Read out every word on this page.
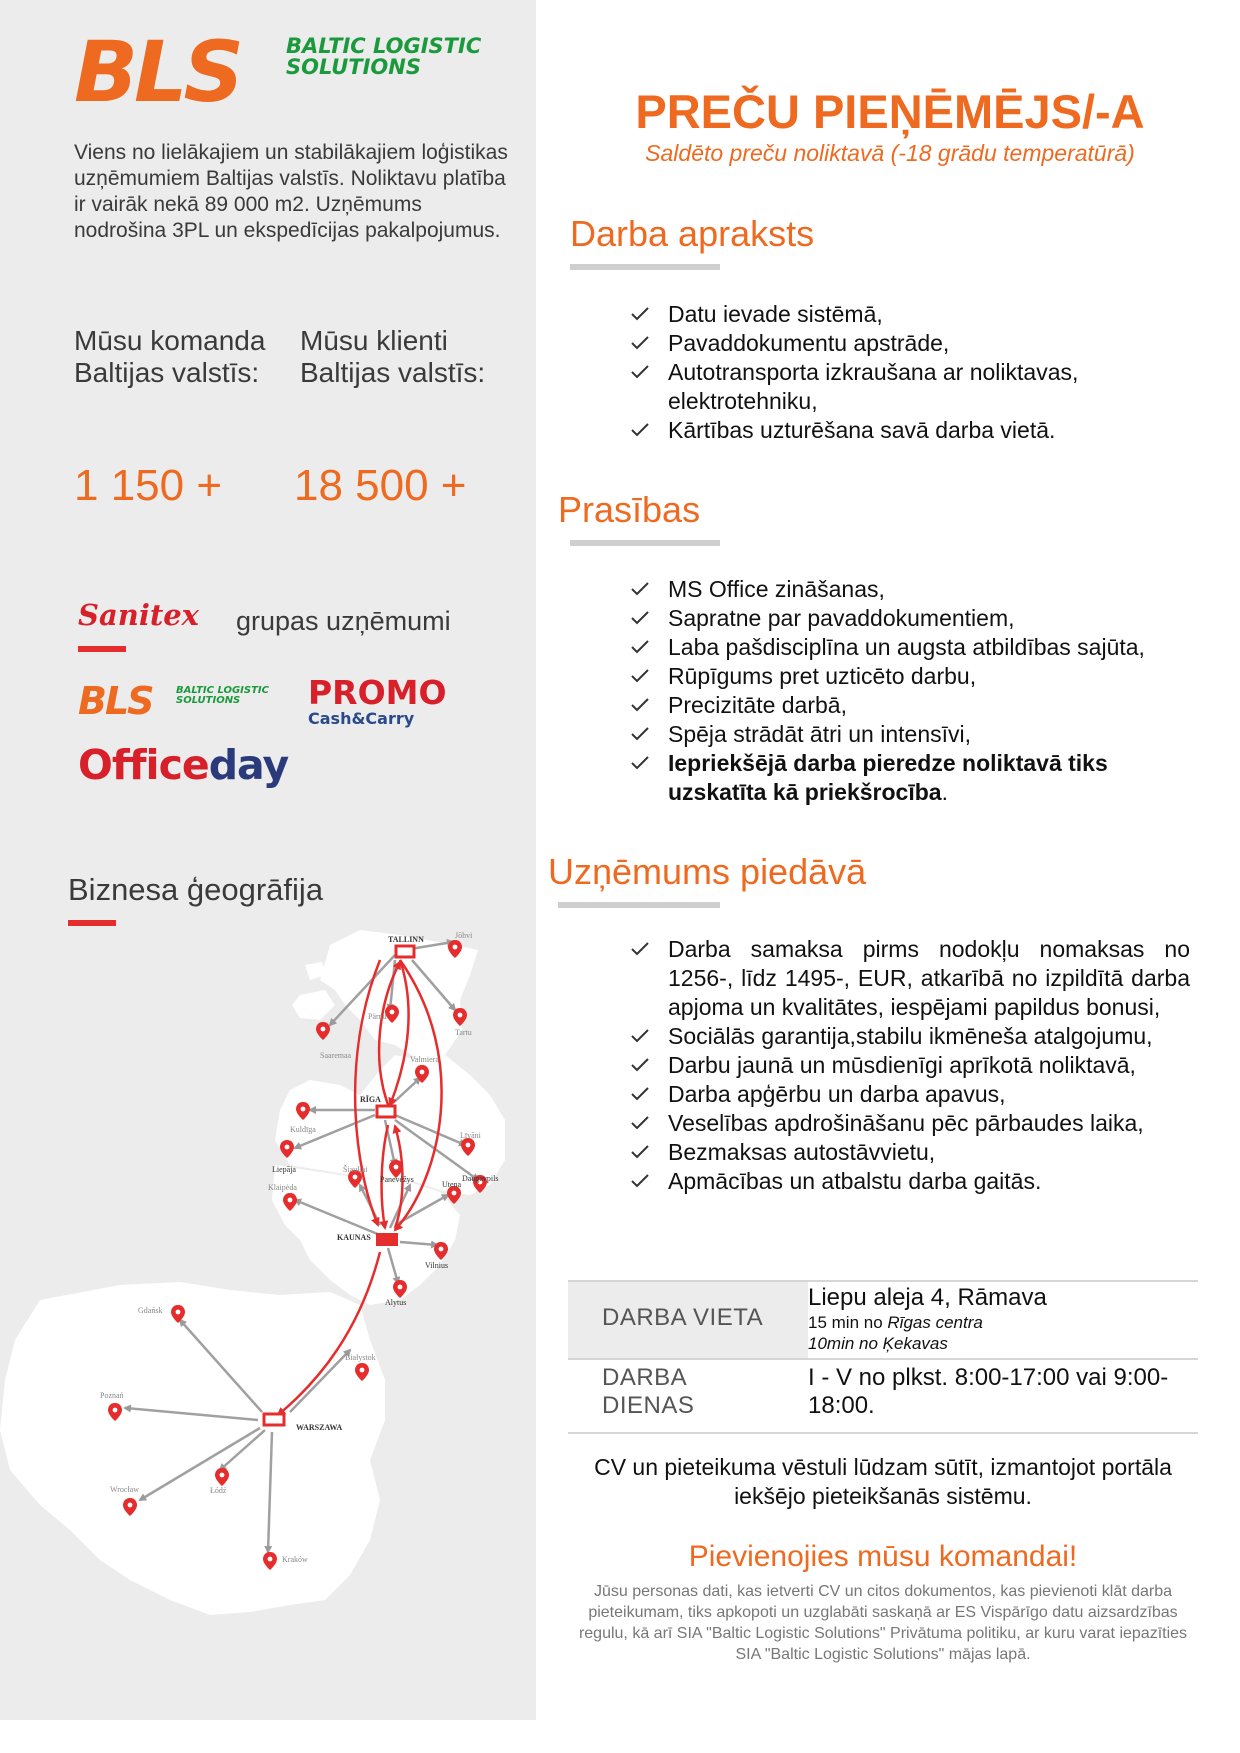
BLS BALTIC LOGISTIC
SOLUTIONS

Viens no lielākajiem un stabilākajiem loģistikas uzņēmumiem Baltijas valstīs. Noliktavu platība ir vairāk nekā 89 000 m2. Uzņēmums nodrošina 3PL un ekspedīcijas pakalpojumus.

Mūsu komanda
Baltijas valstīs:
Mūsu klienti
Baltijas valstīs:
1 150 + 18 500 +
Sanitex grupas uzņēmumi
BLS BALTIC LOGISTIC
SOLUTIONS	PROMO
Cash&Carry
Officeday
Biznesa ģeogrāfija
TALLINN	Jõhvi
Pärnu
Tartu
Saaremaa	Valmiera
RĪGA
Kuldīga
Liepāja
Līvāni
Šiauliai
Panevėžys	Daugavpils
Klaipėda	Utena
KAUNAS
Vilnius
Alytus
Gdańsk
Białystok
Poznań
WARSZAWA
Wrocław	Łódź
Kraków
PREČU PIEŅĒMĒJS/-A
Saldēto preču noliktavā (-18 grādu temperatūrā)
Darba apraksts
Datu ievade sistēmā,
Pavaddokumentu apstrāde,
Autotransporta izkraušana ar noliktavas, elektrotehniku,
Kārtības uzturēšana savā darba vietā.
Prasības
MS Office zināšanas,
Sapratne par pavaddokumentiem,
Laba pašdisciplīna un augsta atbildības sajūta,
Rūpīgums pret uzticēto darbu,
Precizitāte darbā,
Spēja strādāt ātri un intensīvi,
Iepriekšējā darba pieredze noliktavā tiks uzskatīta kā priekšrocība.
Uzņēmums piedāvā
Darba samaksa pirms nodokļu nomaksas no 1256-, līdz 1495-, EUR, atkarībā no izpildītā darba apjoma un kvalitātes, iespējami papildus bonusi,
Sociālās garantija,stabilu ikmēneša atalgojumu,
Darbu jaunā un mūsdienīgi aprīkotā noliktavā,
Darba apģērbu un darba apavus,
Veselības apdrošināšanu pēc pārbaudes laika,
Bezmaksas autostāvvietu,
Apmācības un atbalstu darba gaitās.
DARBA VIETA	Liepu aleja 4, Rāmava
15 min no Rīgas centra
10min no Ķekavas

DARBA
DIENAS	I - V no plkst. 8:00-17:00 vai 9:00-18:00.
CV un pieteikuma vēstuli lūdzam sūtīt, izmantojot portāla iekšējo pieteikšanās sistēmu.
Pievienojies mūsu komandai!
Jūsu personas dati, kas ietverti CV un citos dokumentos, kas pievienoti klāt darba pieteikumam, tiks apkopoti un uzglabāti saskaņā ar ES Vispārīgo datu aizsardzības regulu, kā arī SIA "Baltic Logistic Solutions" Privātuma politiku, ar kuru varat iepazīties SIA "Baltic Logistic Solutions" mājas lapā.
